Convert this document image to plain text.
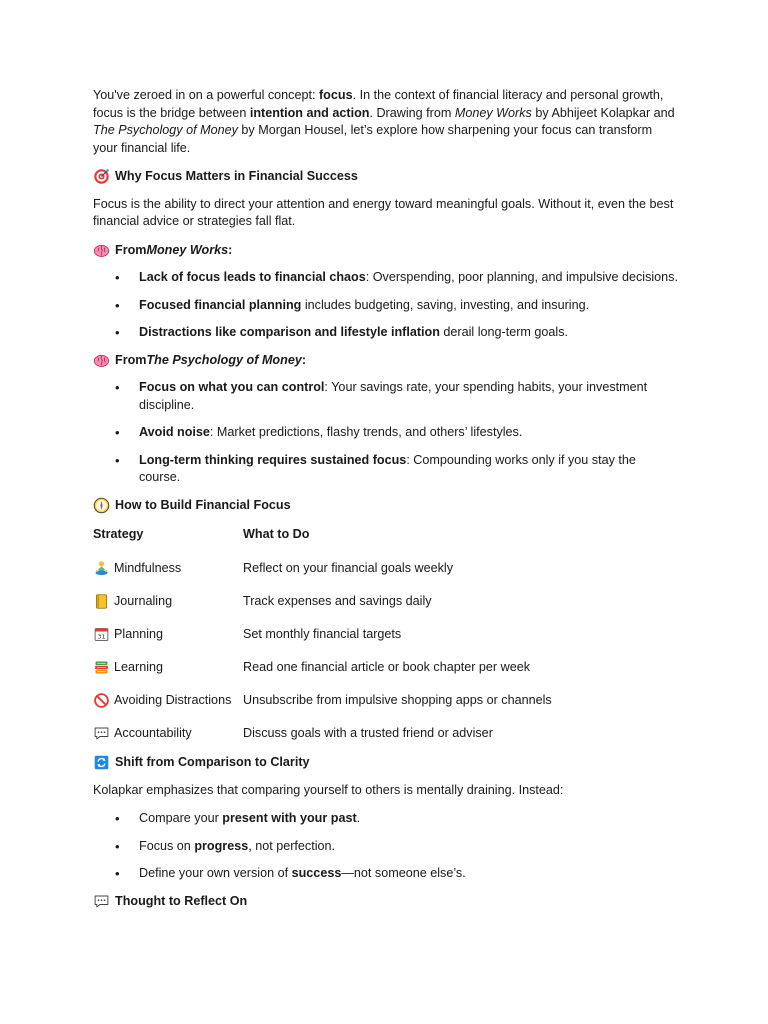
You've zeroed in on a powerful concept: focus. In the context of financial literacy and personal growth, focus is the bridge between intention and action. Drawing from Money Works by Abhijeet Kolapkar and The Psychology of Money by Morgan Housel, let’s explore how sharpening your focus can transform your financial life.

Why Focus Matters in Financial Success

Focus is the ability to direct your attention and energy toward meaningful goals. Without it, even the best financial advice or strategies fall flat.

From Money Works :
• Lack of focus leads to financial chaos: Overspending, poor planning, and impulsive decisions.
• Focused financial planning includes budgeting, saving, investing, and insuring.
• Distractions like comparison and lifestyle inflation derail long-term goals.
From The Psychology of Money :
• Focus on what you can control: Your savings rate, your spending habits, your investment discipline.
• Avoid noise: Market predictions, flashy trends, and others’ lifestyles.
• Long-term thinking requires sustained focus: Compounding works only if you stay the course.
How to Build Financial Focus
Strategy	What to Do

Mindfulness	Reflect on your financial goals weekly

Journaling	Track expenses and savings daily

31 Planning	Set monthly financial targets

Learning	Read one financial article or book chapter per week

Avoiding Distractions	Unsubscribe from impulsive shopping apps or channels

Accountability	Discuss goals with a trusted friend or adviser
Shift from Comparison to Clarity

Kolapkar emphasizes that comparing yourself to others is mentally draining. Instead:

• Compare your present with your past.
• Focus on progress, not perfection.
• Define your own version of success—not someone else’s.
Thought to Reflect On
